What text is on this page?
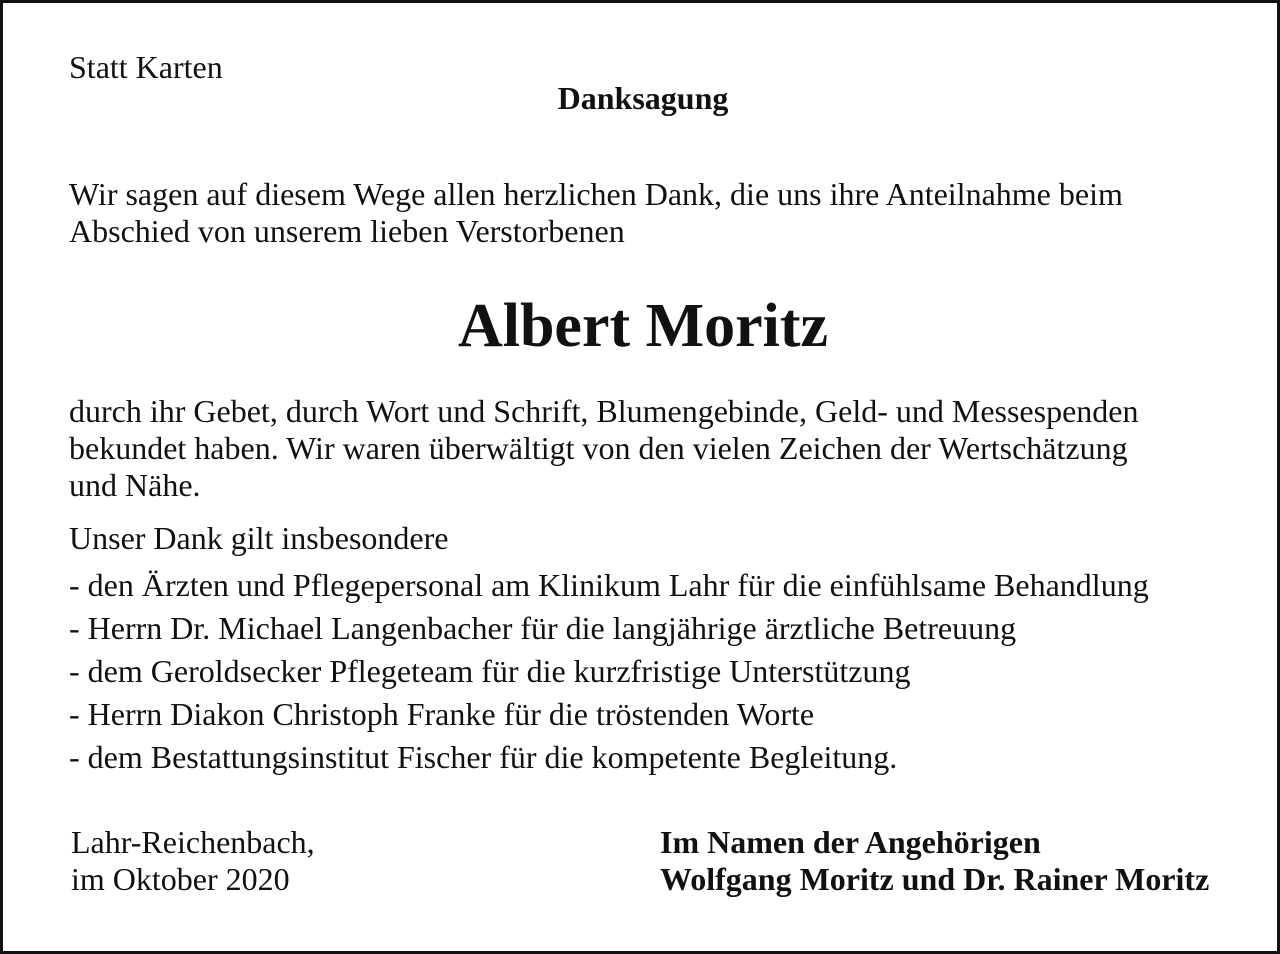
Statt Karten
Danksagung
Wir sagen auf diesem Wege allen herzlichen Dank, die uns ihre Anteilnahme beim
Abschied von unserem lieben Verstorbenen
Albert Moritz
durch ihr Gebet, durch Wort und Schrift, Blumengebinde, Geld- und Messespenden
bekundet haben. Wir waren überwältigt von den vielen Zeichen der Wertschätzung
und Nähe.
Unser Dank gilt insbesondere
- den Ärzten und Pflegepersonal am Klinikum Lahr für die einfühlsame Behandlung
- Herrn Dr. Michael Langenbacher für die langjährige ärztliche Betreuung
- dem Geroldsecker Pflegeteam für die kurzfristige Unterstützung
- Herrn Diakon Christoph Franke für die tröstenden Worte
- dem Bestattungsinstitut Fischer für die kompetente Begleitung.
Lahr-Reichenbach,
im Oktober 2020
Im Namen der Angehörigen
Wolfgang Moritz und Dr. Rainer Moritz
